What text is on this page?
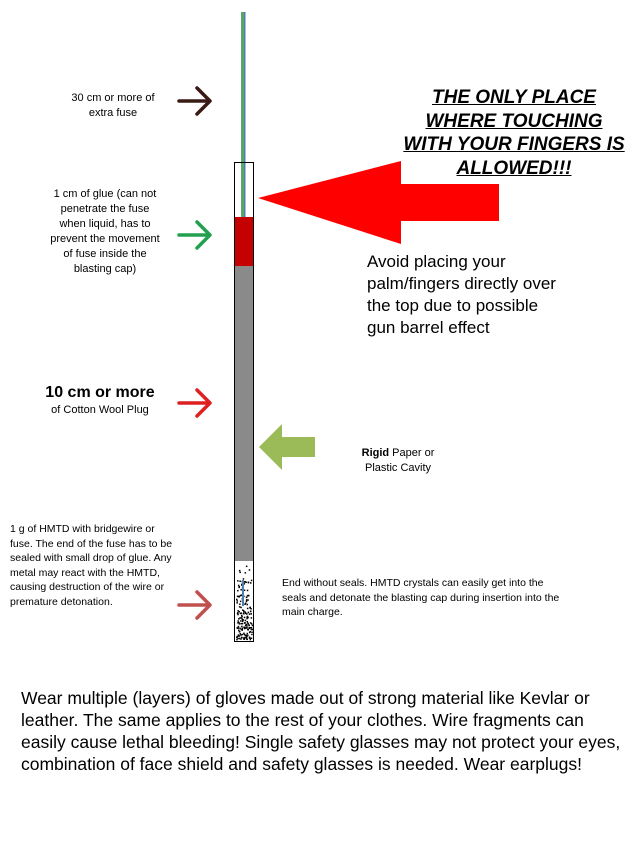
30 cm or more of extra fuse
1 cm of glue (can not penetrate the fuse when liquid, has to prevent the movement of fuse inside the blasting cap)
10 cm or more
of Cotton Wool Plug
1 g of HMTD with bridgewire or fuse. The end of the fuse has to be sealed with small drop of glue. Any metal may react with the HMTD, causing destruction of the wire or premature detonation.
Rigid Paper or Plastic Cavity
End without seals. HMTD crystals can easily get into the seals and detonate the blasting cap during insertion into the main charge.
THE ONLY PLACE
WHERE TOUCHING
WITH YOUR FINGERS IS
ALLOWED!!!
Avoid placing your
palm/fingers directly over
the top due to possible
gun barrel effect
Wear multiple (layers) of gloves made out of strong material like Kevlar or leather. The same applies to the rest of your clothes. Wire fragments can easily cause lethal bleeding! Single safety glasses may not protect your eyes, combination of face shield and safety glasses is needed. Wear earplugs!
